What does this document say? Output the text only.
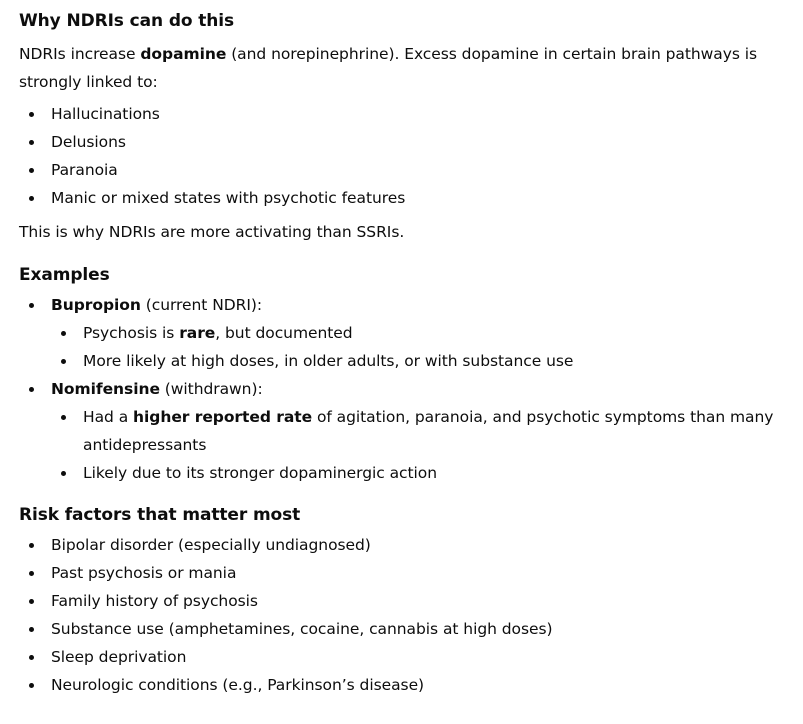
Why NDRIs can do this

NDRIs increase dopamine (and norepinephrine). Excess dopamine in certain brain pathways is strongly linked to:

Hallucinations
Delusions
Paranoia
Manic or mixed states with psychotic features

This is why NDRIs are more activating than SSRIs.

Examples
Bupropion (current NDRI):
Psychosis is rare, but documented
More likely at high doses, in older adults, or with substance use
Nomifensine (withdrawn):
Had a higher reported rate of agitation, paranoia, and psychotic symptoms than many antidepressants
Likely due to its stronger dopaminergic action
Risk factors that matter most
Bipolar disorder (especially undiagnosed)
Past psychosis or mania
Family history of psychosis
Substance use (amphetamines, cocaine, cannabis at high doses)
Sleep deprivation
Neurologic conditions (e.g., Parkinson’s disease)
